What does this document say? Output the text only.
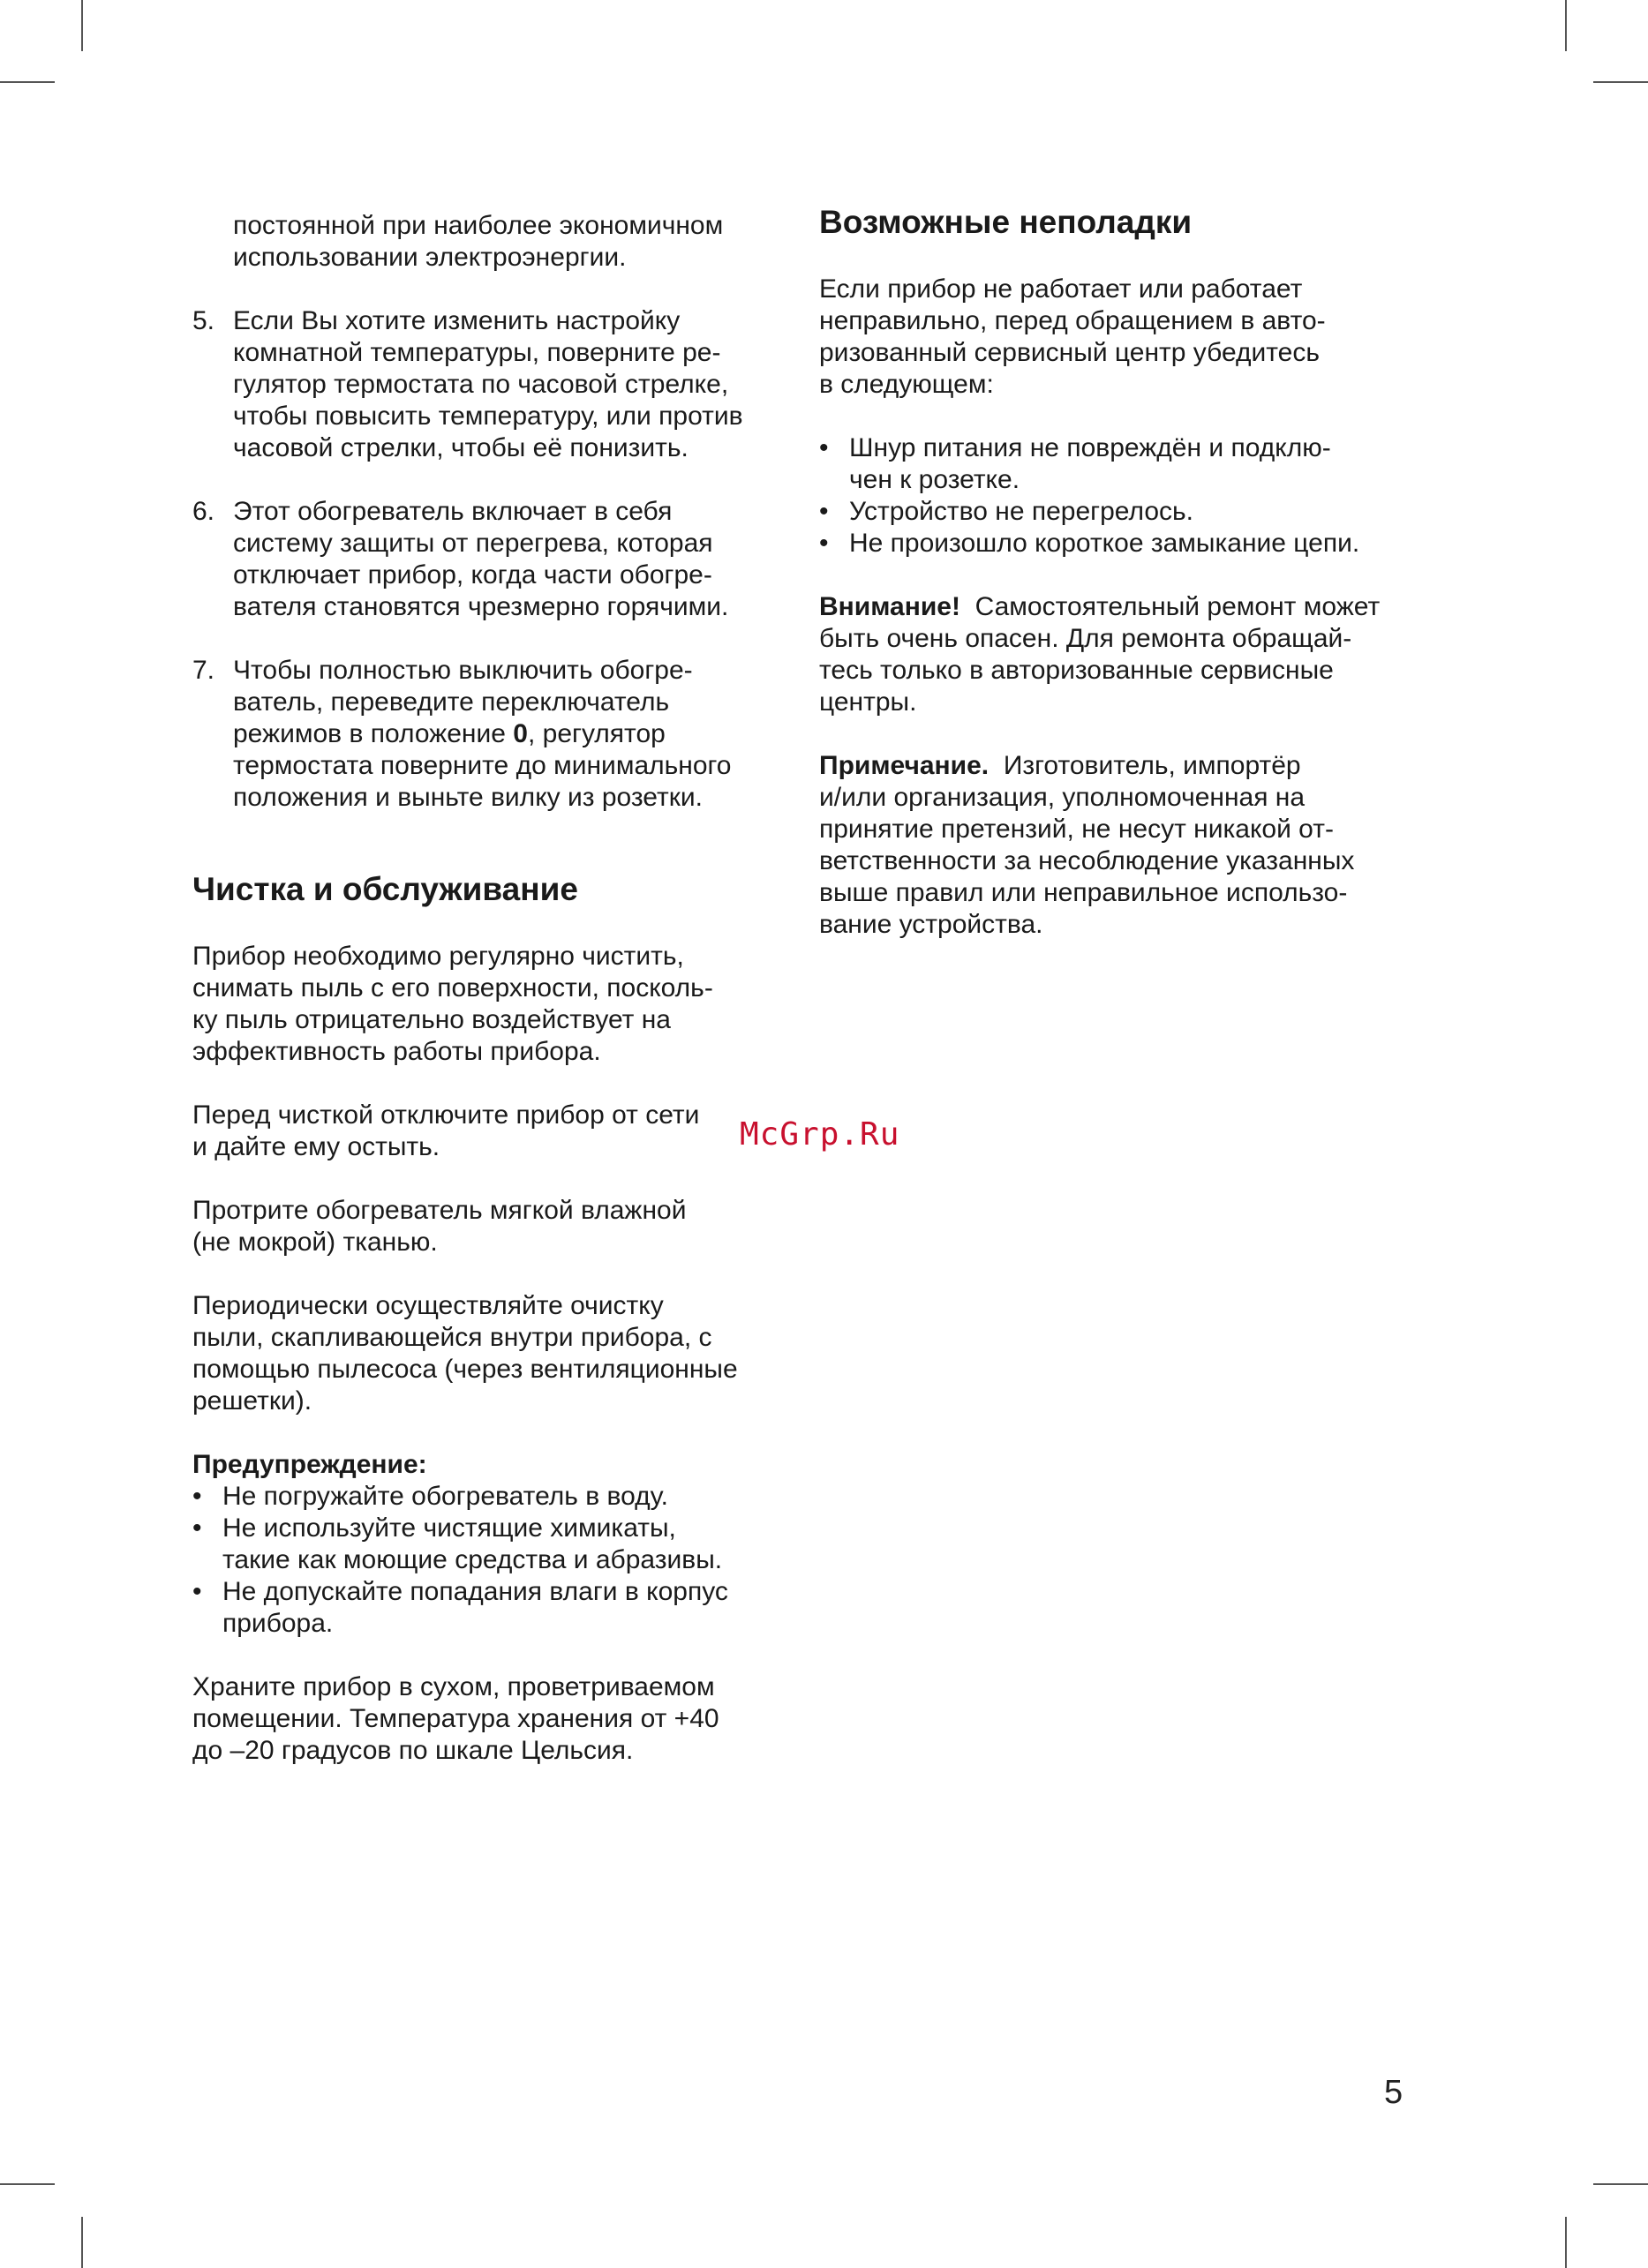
постоянной при наиболее экономичном
использовании электроэнергии.

5. Если Вы хотите изменить настройку
комнатной температуры, поверните ре-
гулятор термостата по часовой стрелке,
чтобы повысить температуру, или против
часовой стрелки, чтобы её понизить.
6. Этот обогреватель включает в себя
систему защиты от перегрева, которая
отключает прибор, когда части обогре-
вателя становятся чрезмерно горячими.
7. Чтобы полностью выключить обогре-
ватель, переведите переключатель
режимов в положение 0, регулятор
термостата поверните до минимального
положения и выньте вилку из розетки.
Чистка и обслуживание

Прибор необходимо регулярно чистить,
снимать пыль с его поверхности, посколь-
ку пыль отрицательно воздействует на
эффективность работы прибора.

Перед чисткой отключите прибор от сети
и дайте ему остыть.

Протрите обогреватель мягкой влажной
(не мокрой) тканью.

Периодически осуществляйте очистку
пыли, скапливающейся внутри прибора, с
помощью пылесоса (через вентиляционные
решетки).

Предупреждение:

• Не погружайте обогреватель в воду.
• Не используйте чистящие химикаты,
такие как моющие средства и абразивы.
• Не допускайте попадания влаги в корпус
прибора.

Храните прибор в сухом, проветриваемом
помещении. Температура хранения от +40
до –20 градусов по шкале Цельсия.

Возможные неполадки

Если прибор не работает или работает
неправильно, перед обращением в авто-
ризованный сервисный центр убедитесь
в следующем:

• Шнур питания не повреждён и подклю-
чен к розетке.
• Устройство не перегрелось.
• Не произошло короткое замыкание цепи.

Внимание! Самостоятельный ремонт может
быть очень опасен. Для ремонта обращай-
тесь только в авторизованные сервисные
центры.

Примечание. Изготовитель, импортёр
и/или организация, уполномоченная на
принятие претензий, не несут никакой от-
ветственности за несоблюдение указанных
выше правил или неправильное использо-
вание устройства.

McGrp.Ru
5
